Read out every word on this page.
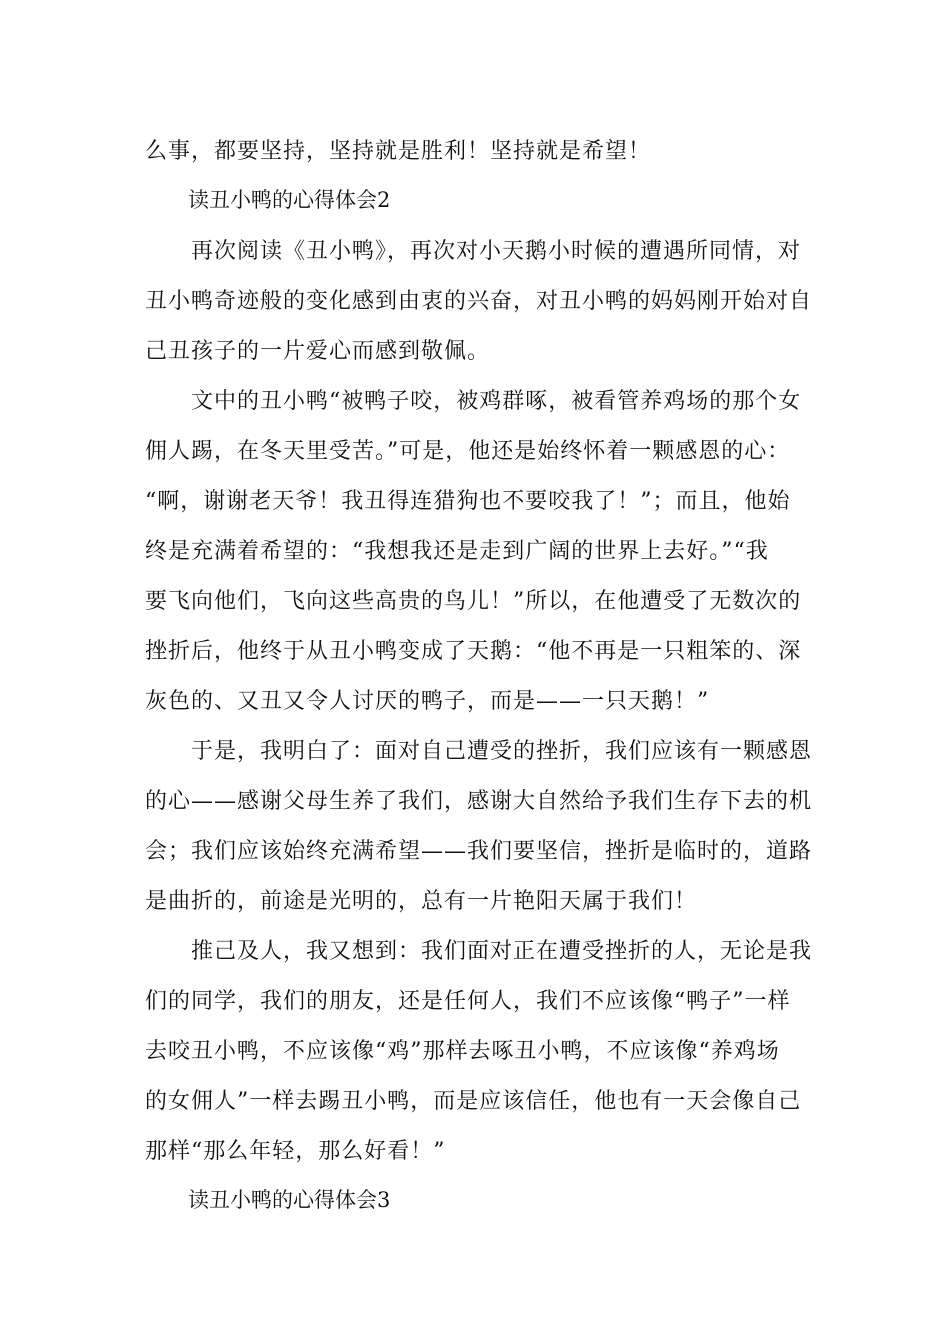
么事，都要坚持，坚持就是胜利！坚持就是希望！
读丑小鸭的心得体会2
　　再次阅读《丑小鸭》，再次对小天鹅小时候的遭遇所同情，对
丑小鸭奇迹般的变化感到由衷的兴奋，对丑小鸭的妈妈刚开始对自
己丑孩子的一片爱心而感到敬佩。
　　文中的丑小鸭“被鸭子咬，被鸡群啄，被看管养鸡场的那个女
佣人踢，在冬天里受苦。”可是，他还是始终怀着一颗感恩的心：
“啊，谢谢老天爷！我丑得连猎狗也不要咬我了！”；而且，他始
终是充满着希望的：“我想我还是走到广阔的世界上去好。”“我
要飞向他们，飞向这些高贵的鸟儿！”所以，在他遭受了无数次的
挫折后，他终于从丑小鸭变成了天鹅：“他不再是一只粗笨的、深
灰色的、又丑又令人讨厌的鸭子，而是——一只天鹅！”
　　于是，我明白了：面对自己遭受的挫折，我们应该有一颗感恩
的心——感谢父母生养了我们，感谢大自然给予我们生存下去的机
会；我们应该始终充满希望——我们要坚信，挫折是临时的，道路
是曲折的，前途是光明的，总有一片艳阳天属于我们！
　　推己及人，我又想到：我们面对正在遭受挫折的人，无论是我
们的同学，我们的朋友，还是任何人，我们不应该像“鸭子”一样
去咬丑小鸭，不应该像“鸡”那样去啄丑小鸭，不应该像“养鸡场
的女佣人”一样去踢丑小鸭，而是应该信任，他也有一天会像自己
那样“那么年轻，那么好看！”
读丑小鸭的心得体会3
